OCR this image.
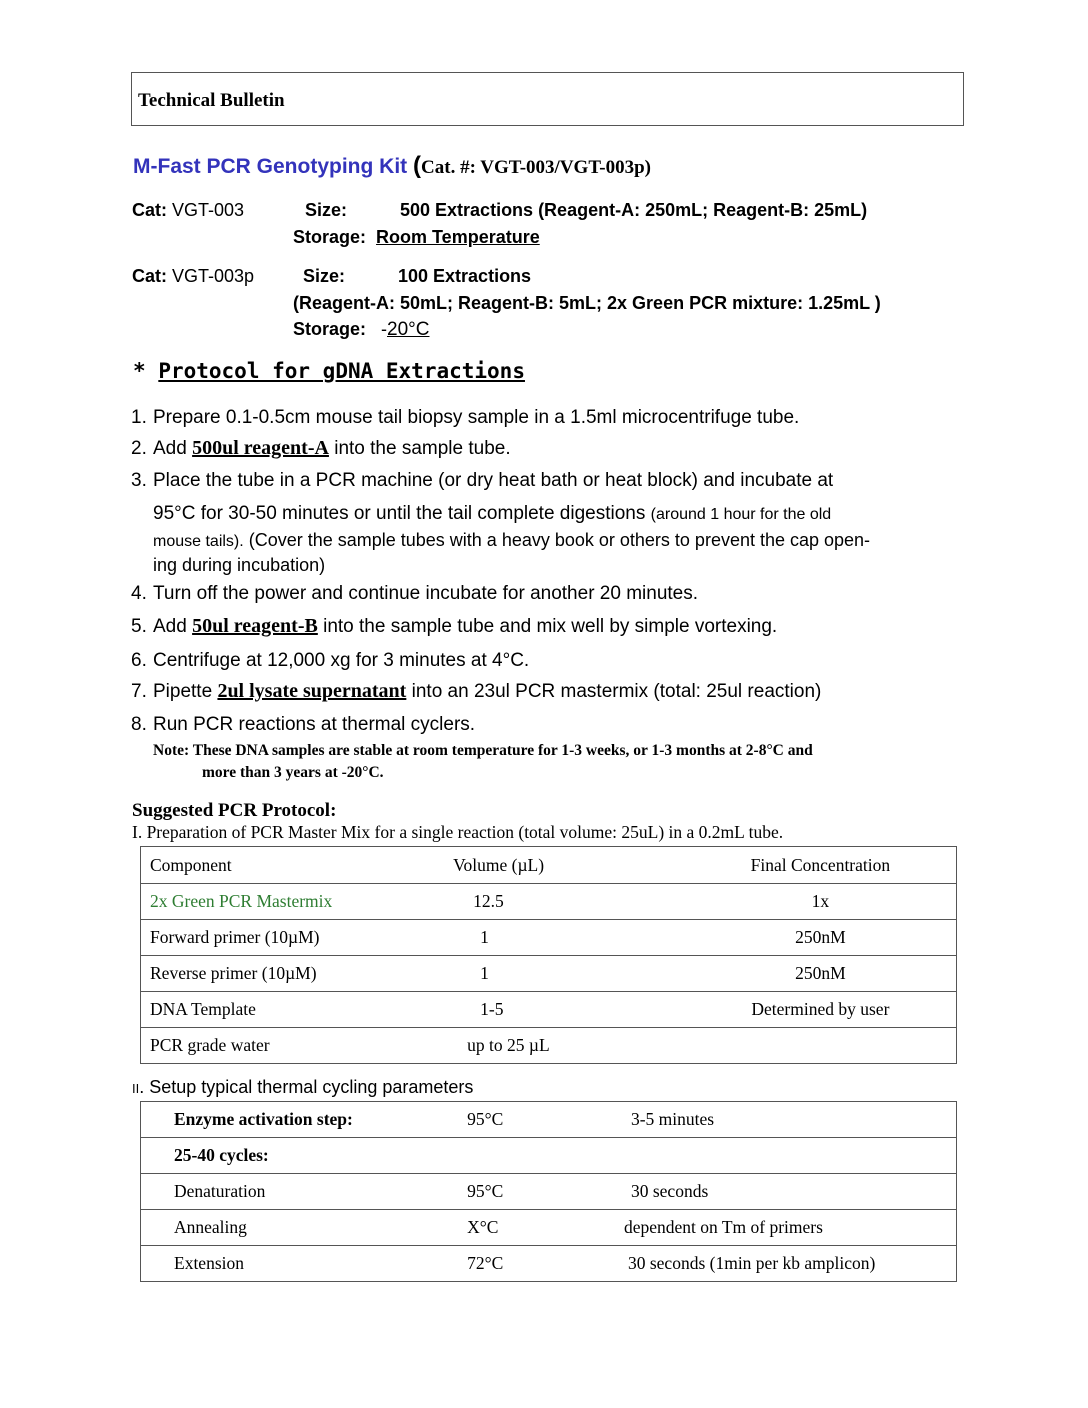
Technical Bulletin
M-Fast PCR Genotyping Kit (Cat. #: VGT-003/VGT-003p)
Cat: VGT-003	Size:	500 Extractions (Reagent-A: 250mL; Reagent-B: 25mL)
Storage: Room Temperature
Cat: VGT-003p	Size:	100 Extractions
(Reagent-A: 50mL; Reagent-B: 5mL; 2x Green PCR mixture: 1.25mL )
Storage: -20°C
* Protocol for gDNA Extractions
1. Prepare 0.1-0.5cm mouse tail biopsy sample in a 1.5ml microcentrifuge tube.
2. Add 500ul reagent-A into the sample tube.
3. Place the tube in a PCR machine (or dry heat bath or heat block) and incubate at
95°C for 30-50 minutes or until the tail complete digestions (around 1 hour for the old
mouse tails). (Cover the sample tubes with a heavy book or others to prevent the cap open-
ing during incubation)
4. Turn off the power and continue incubate for another 20 minutes.
5. Add 50ul reagent-B into the sample tube and mix well by simple vortexing.
6. Centrifuge at 12,000 xg for 3 minutes at 4°C.
7. Pipette 2ul lysate supernatant into an 23ul PCR mastermix (total: 25ul reaction)
8. Run PCR reactions at thermal cyclers.
Note: These DNA samples are stable at room temperature for 1-3 weeks, or 1-3 months at 2-8°C and
more than 3 years at -20°C.
Suggested PCR Protocol:
I. Preparation of PCR Master Mix for a single reaction (total volume: 25uL) in a 0.2mL tube.
Component	Volume (µL)	Final Concentration
2x Green PCR Mastermix	12.5	1x
Forward primer (10µM)	1	250nM
Reverse primer (10µM)	1	250nM
DNA Template	1-5	Determined by user
PCR grade water	up to 25 µL	
II. Setup typical thermal cycling parameters
Enzyme activation step:	95°C	3-5 minutes
25-40 cycles:		
Denaturation	95°C	30 seconds
Annealing	X°C	dependent on Tm of primers
Extension	72°C	30 seconds (1min per kb amplicon)
